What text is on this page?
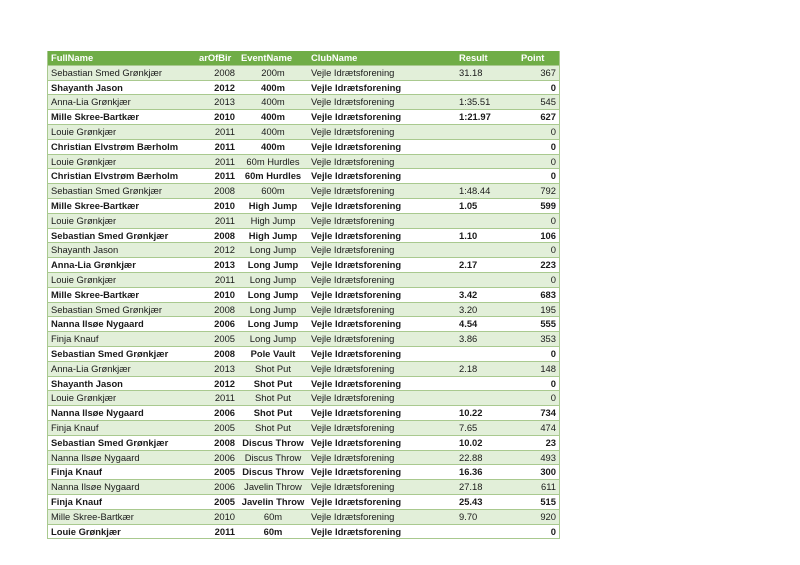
FullName	arOfBir	EventName	ClubName	Result	Point
Sebastian Smed Grønkjær	2008	200m	Vejle Idrætsforening	31.18	367
Shayanth Jason	2012	400m	Vejle Idrætsforening		0
Anna-Lia Grønkjær	2013	400m	Vejle Idrætsforening	1:35.51	545
Mille Skree-Bartkær	2010	400m	Vejle Idrætsforening	1:21.97	627
Louie Grønkjær	2011	400m	Vejle Idrætsforening		0
Christian Elvstrøm Bærholm	2011	400m	Vejle Idrætsforening		0
Louie Grønkjær	2011	60m Hurdles	Vejle Idrætsforening		0
Christian Elvstrøm Bærholm	2011	60m Hurdles	Vejle Idrætsforening		0
Sebastian Smed Grønkjær	2008	600m	Vejle Idrætsforening	1:48.44	792
Mille Skree-Bartkær	2010	High Jump	Vejle Idrætsforening	1.05	599
Louie Grønkjær	2011	High Jump	Vejle Idrætsforening		0
Sebastian Smed Grønkjær	2008	High Jump	Vejle Idrætsforening	1.10	106
Shayanth Jason	2012	Long Jump	Vejle Idrætsforening		0
Anna-Lia Grønkjær	2013	Long Jump	Vejle Idrætsforening	2.17	223
Louie Grønkjær	2011	Long Jump	Vejle Idrætsforening		0
Mille Skree-Bartkær	2010	Long Jump	Vejle Idrætsforening	3.42	683
Sebastian Smed Grønkjær	2008	Long Jump	Vejle Idrætsforening	3.20	195
Nanna Ilsøe Nygaard	2006	Long Jump	Vejle Idrætsforening	4.54	555
Finja Knauf	2005	Long Jump	Vejle Idrætsforening	3.86	353
Sebastian Smed Grønkjær	2008	Pole Vault	Vejle Idrætsforening		0
Anna-Lia Grønkjær	2013	Shot Put	Vejle Idrætsforening	2.18	148
Shayanth Jason	2012	Shot Put	Vejle Idrætsforening		0
Louie Grønkjær	2011	Shot Put	Vejle Idrætsforening		0
Nanna Ilsøe Nygaard	2006	Shot Put	Vejle Idrætsforening	10.22	734
Finja Knauf	2005	Shot Put	Vejle Idrætsforening	7.65	474
Sebastian Smed Grønkjær	2008	Discus Throw	Vejle Idrætsforening	10.02	23
Nanna Ilsøe Nygaard	2006	Discus Throw	Vejle Idrætsforening	22.88	493
Finja Knauf	2005	Discus Throw	Vejle Idrætsforening	16.36	300
Nanna Ilsøe Nygaard	2006	Javelin Throw	Vejle Idrætsforening	27.18	611
Finja Knauf	2005	Javelin Throw	Vejle Idrætsforening	25.43	515
Mille Skree-Bartkær	2010	60m	Vejle Idrætsforening	9.70	920
Louie Grønkjær	2011	60m	Vejle Idrætsforening		0
